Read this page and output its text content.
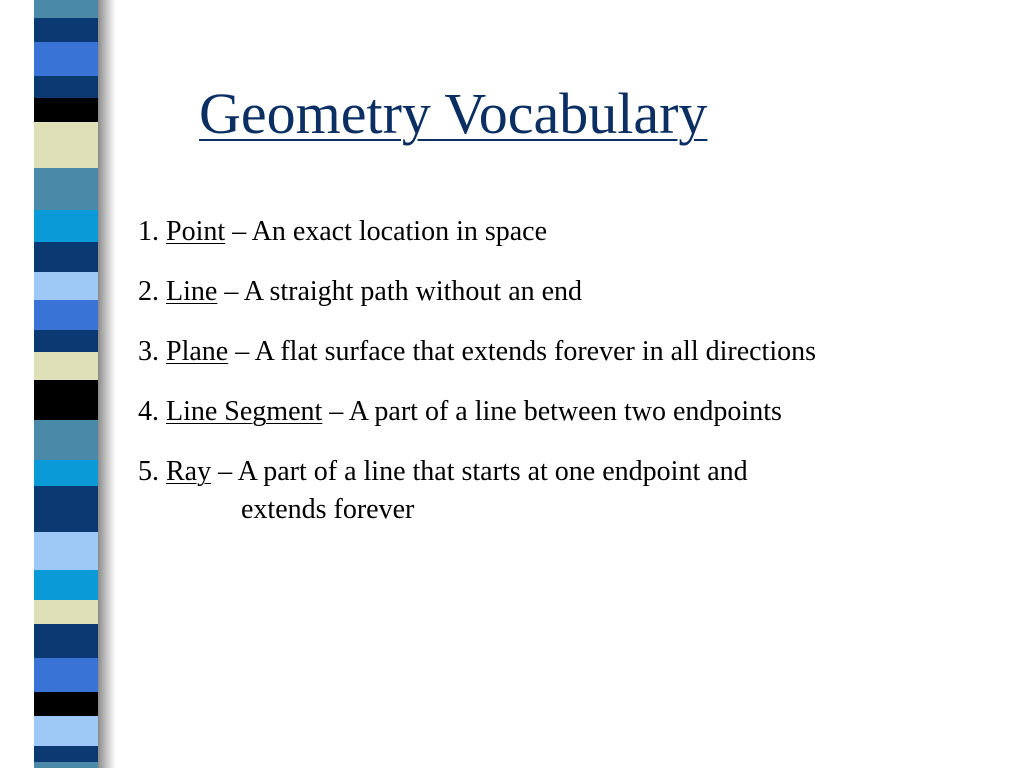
Geometry Vocabulary
1. Point – An exact location in space
2. Line – A straight path without an end
3. Plane – A flat surface that extends forever in all directions
4. Line Segment – A part of a line between two endpoints
5. Ray – A part of a line that starts at one endpoint and
extends forever
